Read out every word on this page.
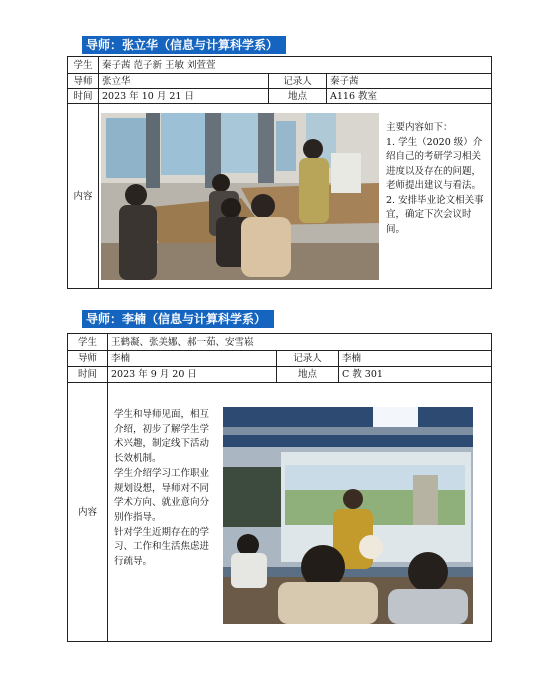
导师：张立华（信息与计算科学系）
学生	秦子茜 范子新 王敏 刘萱萱		
导师	张立华	记录人	秦子茜
时间	2023 年 10 月 21 日	地点	A116 教室
内容			

主要内容如下：

1. 学生（2020 级）介绍自己的考研学习相关进度以及存在的问题，老师提出建议与看法。

2. 安排毕业论文相关事宜，确定下次会议时间。

导师：李楠（信息与计算科学系）
学生	王鹤凝、张美娜、郝一茹、安雪崧		
导师	李楠	记录人	李楠
时间	2023 年 9 月 20 日	地点	C 教 301
内容			

学生和导师见面，相互介绍，初步了解学生学术兴趣，制定线下活动长效机制。

学生介绍学习工作职业规划设想，导师对不同学术方向、就业意向分别作指导。

针对学生近期存在的学习、工作和生活焦虑进行疏导。
